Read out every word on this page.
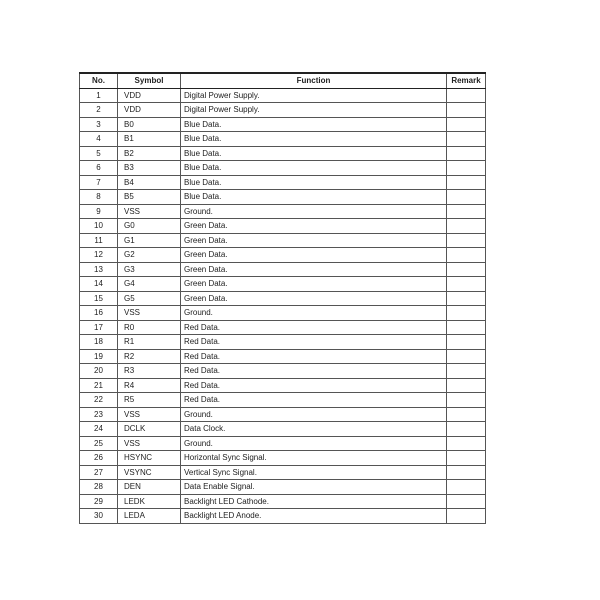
No.	Symbol	Function	Remark
1	VDD	Digital Power Supply.	
2	VDD	Digital Power Supply.	
3	B0	Blue Data.	
4	B1	Blue Data.	
5	B2	Blue Data.	
6	B3	Blue Data.	
7	B4	Blue Data.	
8	B5	Blue Data.	
9	VSS	Ground.	
10	G0	Green Data.	
11	G1	Green Data.	
12	G2	Green Data.	
13	G3	Green Data.	
14	G4	Green Data.	
15	G5	Green Data.	
16	VSS	Ground.	
17	R0	Red Data.	
18	R1	Red Data.	
19	R2	Red Data.	
20	R3	Red Data.	
21	R4	Red Data.	
22	R5	Red Data.	
23	VSS	Ground.	
24	DCLK	Data Clock.	
25	VSS	Ground.	
26	HSYNC	Horizontal Sync Signal.	
27	VSYNC	Vertical Sync Signal.	
28	DEN	Data Enable Signal.	
29	LEDK	Backlight LED Cathode.	
30	LEDA	Backlight LED Anode.	
